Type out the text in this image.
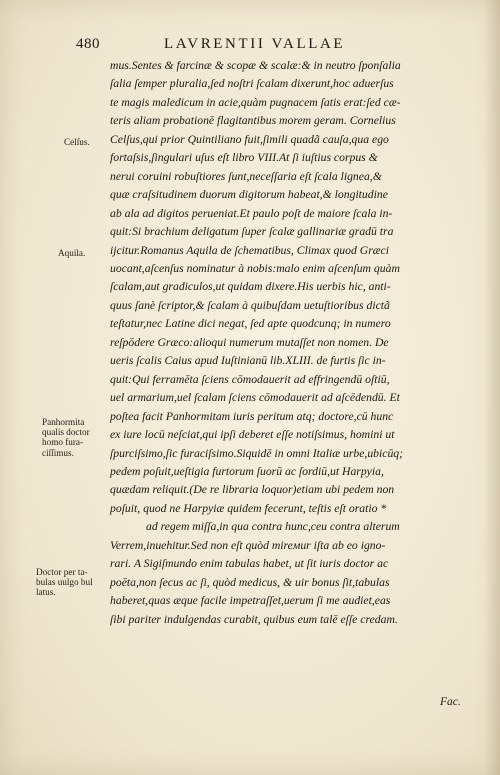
480	LAVRENTII VALLAE
mus.Sentes & farcinæ & scopæ & scalæ:& in neutro ſponſalia
ſalia ſemper pluralia,ſed noſtri ſcalam dixerunt,hoc aduerſus
te magis maledicum in acie,quàm pugnacem ſatis erat:ſed cæ-
teris aliam probationē flagitantibus morem geram. Cornelius
Celſus,qui prior Quintiliano fuit,ſimili quadã cauſa,qua ego
fortaſsis,ſingulari uſus eſt libro VIII.At ſi iuſtius corpus &
nerui coruini robuſtiores ſunt,neceſſaria eſt ſcala lignea,&
quæ craſsitudinem duorum digitorum habeat,& longitudine
ab ala ad digitos perueniat.Et paulo poſt de maiore ſcala in-
quit:Si brachium deligatum ſuper ſcalæ gallinariæ gradū tra
ijcitur.Romanus Aquila de ſchematibus, Climax quod Græci
uocant,aſcenſus nominatur à nobis:malo enim aſcenſum quàm
ſcalam,aut gradiculos,ut quidam dixere.His uerbis hic, anti-
quus ſanè ſcriptor,& ſcalam à quibuſdam uetuſtioribus dictã
teſtatur,nec Latine dici negat, ſed apte quodcunq; in numero
reſpōdere Græco:alioqui numerum mutaſſet non nomen. De
ueris ſcalis Caius apud Iuſtinianū lib.XLIII. de furtis ſic in-
quit:Qui ferramēta ſciens cōmodauerit ad effringendū oſtiū,
uel armarium,uel ſcalam ſciens cōmodauerit ad aſcēdendū. Et
poſtea facit Panhormitam iuris peritum atq; doctore,cū hunc
ex iure locū neſciat,qui ipſi deberet eſſe notiſsimus, homini ut
ſpurciſsimo,ſic furaciſsimo.Siquidē in omni Italiæ urbe,ubicūq;
pedem poſuit,ueſtigia furtorum ſuorū ac ſordiū,ut Harpyia,
quædam reliquit.(De re libraria loquor)etiam ubi pedem non
poſuit, quod ne Harpyiæ quidem fecerunt, teſtis eſt oratio *
ad regem miſſa,in qua contra hunc,ceu contra alterum
Verrem,inuehitur.Sed non eſt quòd mireмur iſta ab eo igno-
rari. A Sigiſmundo enim tabulas habet, ut ſit iuris doctor ac
poēta,non ſecus ac ſi, quòd medicus, & uir bonus ſit,tabulas
haberet,quas æque facile impetraſſet,uerum ſi me audiet,eas
ſibi pariter indulgendas curabit, quibus eum talē eſſe credam.
Celſus.
Aquila.
Panhormita
qualis doctor
homo fura-
ciſſimus.
Doctor per ta-
bulas uulgo bul
latus.
Fac.
